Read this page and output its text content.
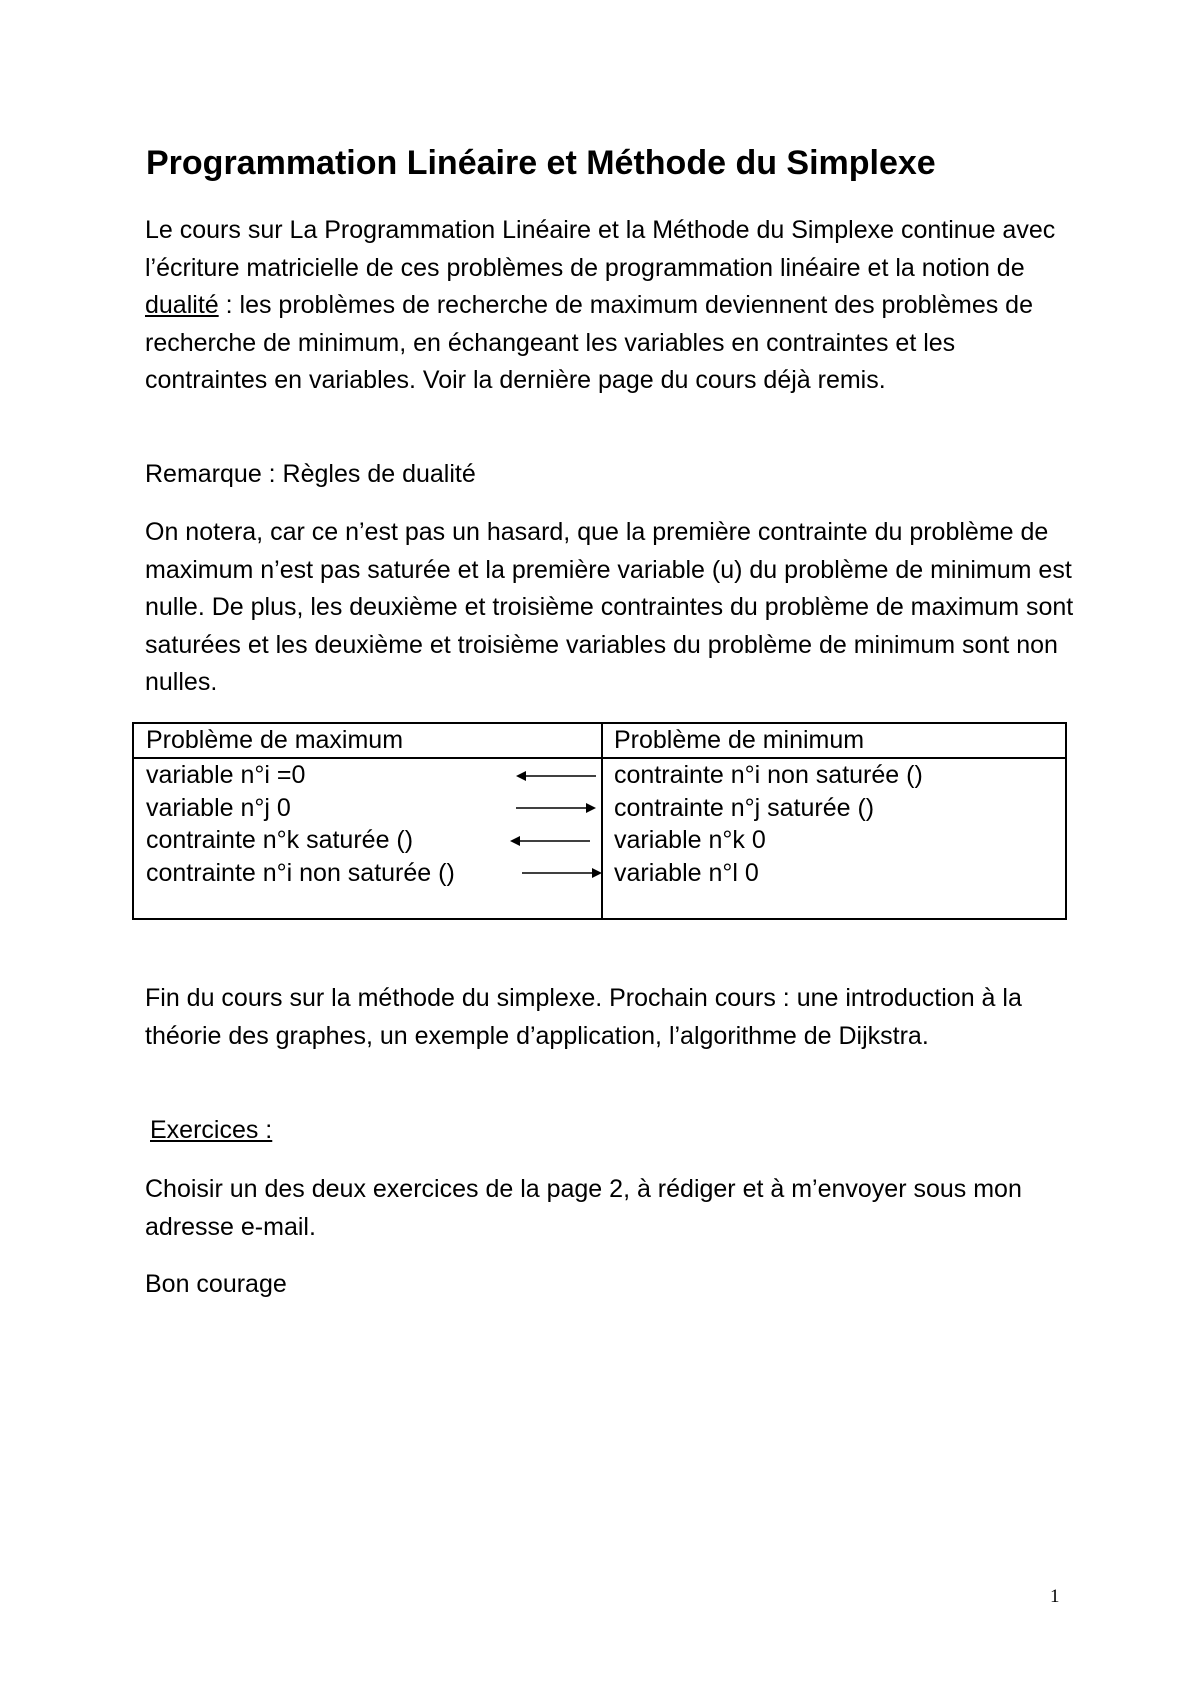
Programmation Linéaire et Méthode du Simplexe

Le cours sur La Programmation Linéaire et la Méthode du Simplexe continue avec l’écriture matricielle de ces problèmes de programmation linéaire et la notion de dualité : les problèmes de recherche de maximum deviennent des problèmes de recherche de minimum, en échangeant les variables en contraintes et les contraintes en variables. Voir la dernière page du cours déjà remis.

Remarque : Règles de dualité

On notera, car ce n’est pas un hasard, que la première contrainte du problème de maximum n’est pas saturée et la première variable (u) du problème de minimum est nulle. De plus, les deuxième et troisième contraintes du problème de maximum sont saturées et les deuxième et troisième variables du problème de minimum sont non nulles.

Problème de maximum	Problème de minimum
variable n°i =0	contrainte n°i non saturée ()
variable n°j 0	contrainte n°j saturée ()
contrainte n°k saturée ()	variable n°k 0
contrainte n°i non saturée ()	variable n°l 0

Fin du cours sur la méthode du simplexe. Prochain cours : une introduction à la théorie des graphes, un exemple d’application, l’algorithme de Dijkstra.

Exercices :

Choisir un des deux exercices de la page 2, à rédiger et à m’envoyer sous mon adresse e-mail.

Bon courage

1
